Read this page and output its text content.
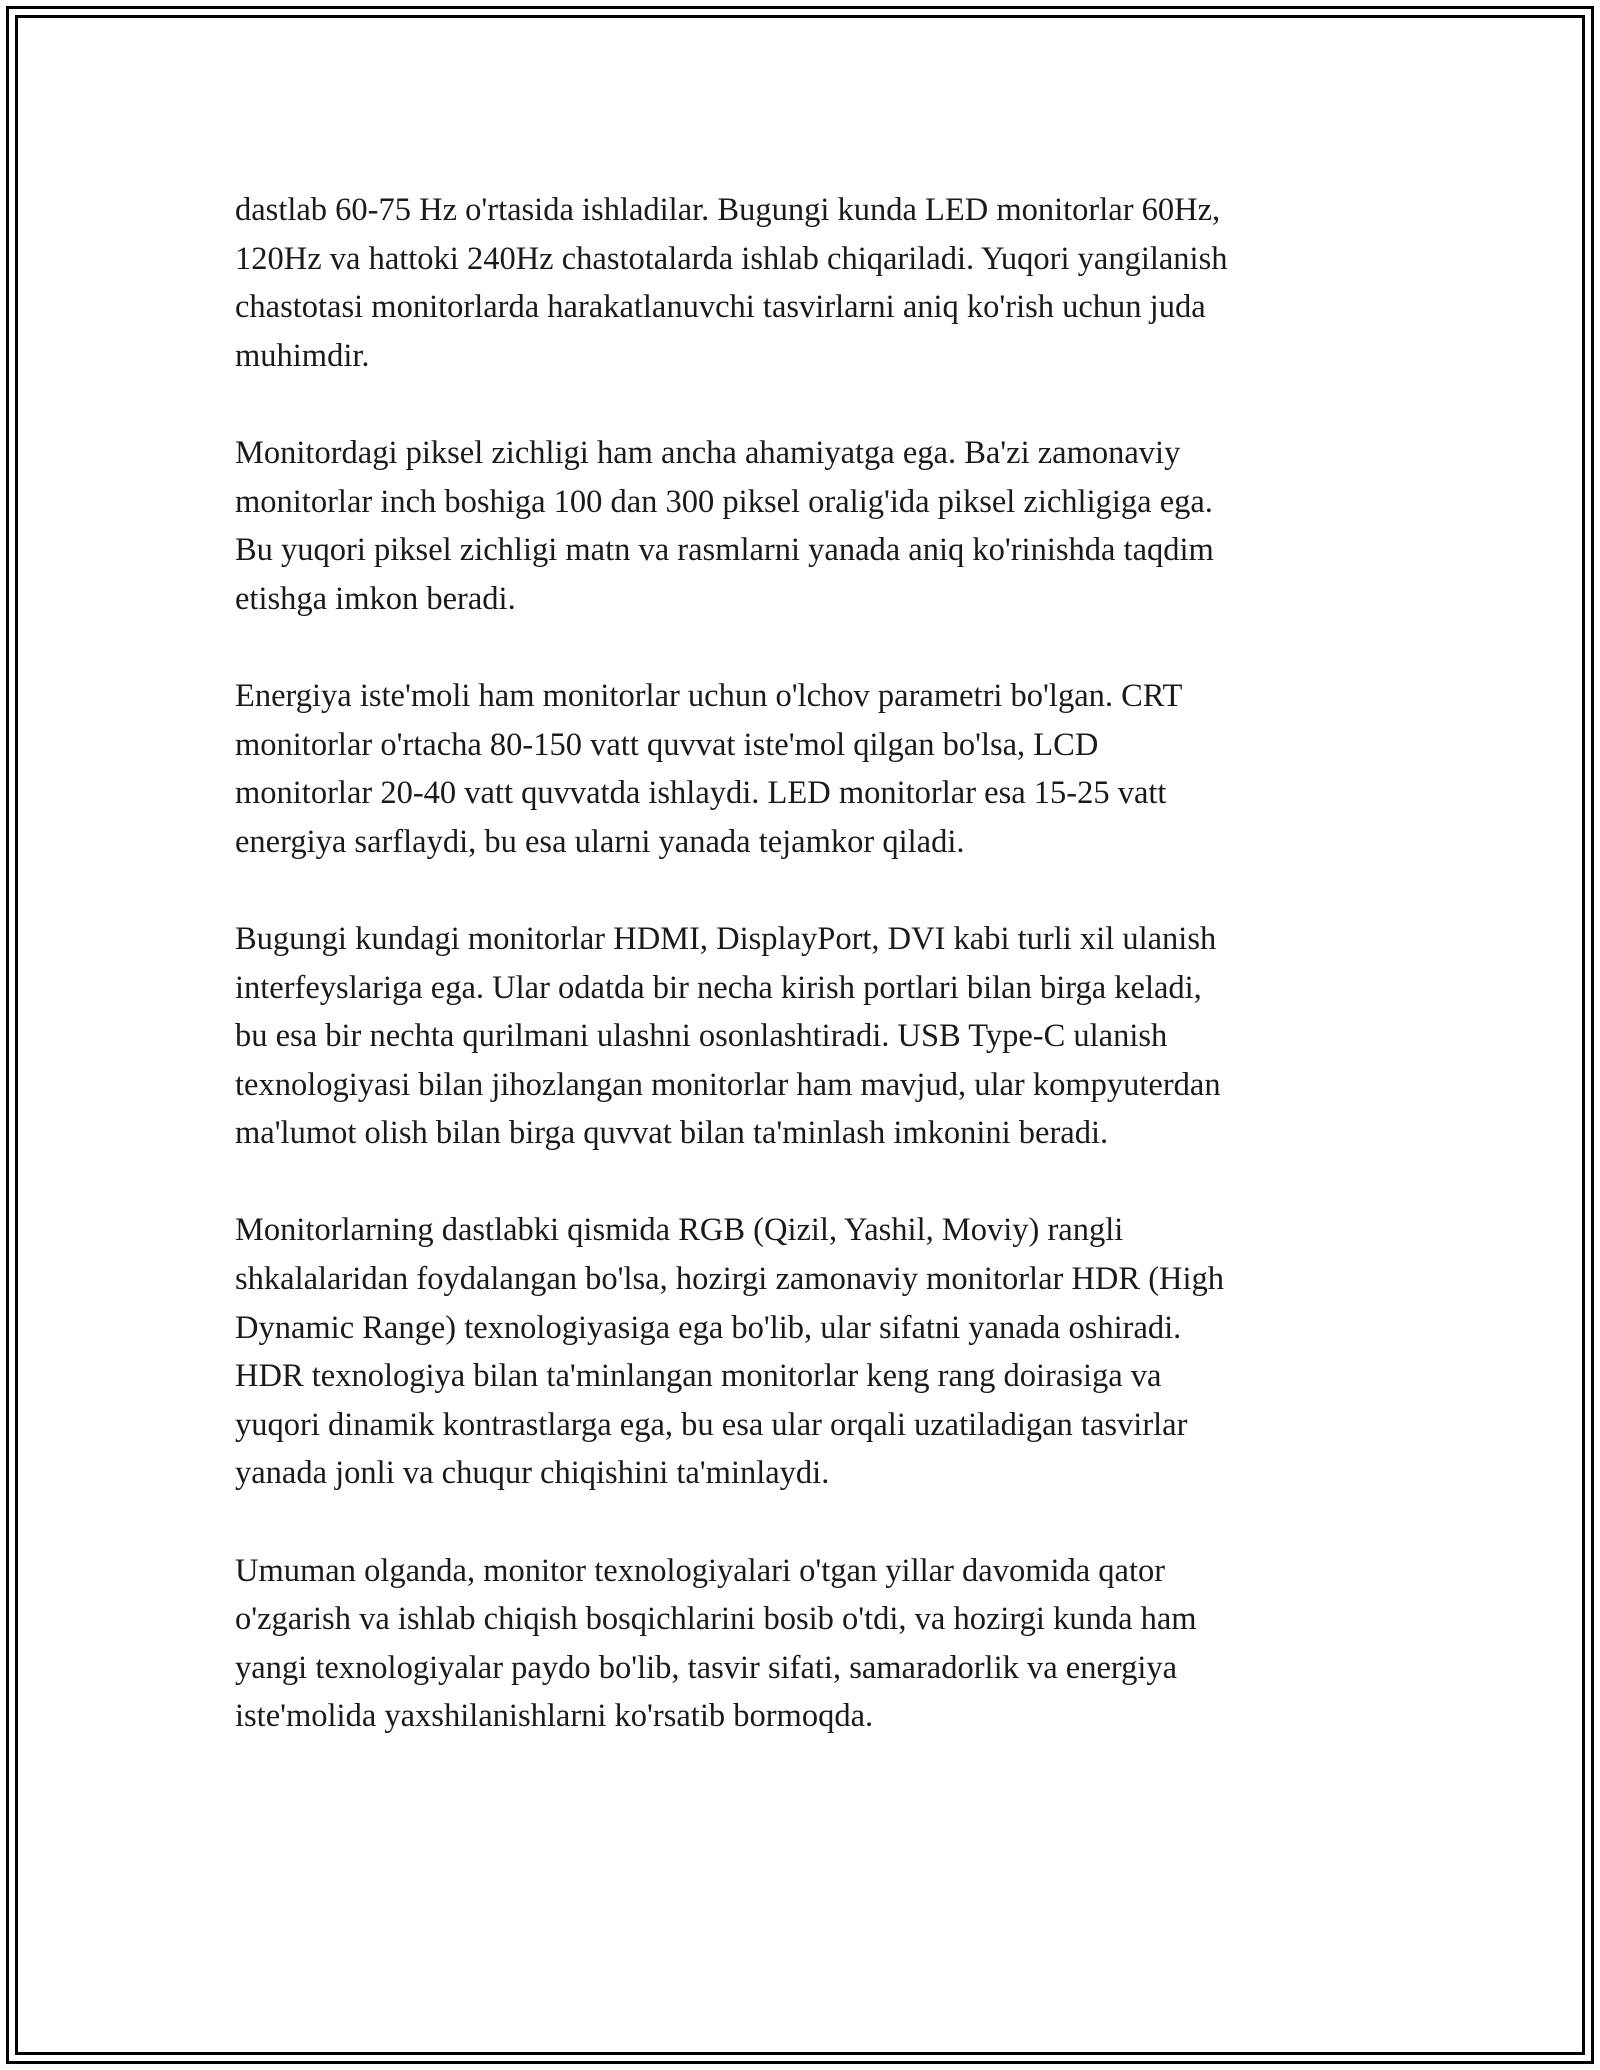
dastlab 60-75 Hz o'rtasida ishladilar. Bugungi kunda LED monitorlar 60Hz,
120Hz va hattoki 240Hz chastotalarda ishlab chiqariladi. Yuqori yangilanish
chastotasi monitorlarda harakatlanuvchi tasvirlarni aniq ko'rish uchun juda
muhimdir.

Monitordagi piksel zichligi ham ancha ahamiyatga ega. Ba'zi zamonaviy
monitorlar inch boshiga 100 dan 300 piksel oralig'ida piksel zichligiga ega.
Bu yuqori piksel zichligi matn va rasmlarni yanada aniq ko'rinishda taqdim
etishga imkon beradi.

Energiya iste'moli ham monitorlar uchun o'lchov parametri bo'lgan. CRT
monitorlar o'rtacha 80-150 vatt quvvat iste'mol qilgan bo'lsa, LCD
monitorlar 20-40 vatt quvvatda ishlaydi. LED monitorlar esa 15-25 vatt
energiya sarflaydi, bu esa ularni yanada tejamkor qiladi.

Bugungi kundagi monitorlar HDMI, DisplayPort, DVI kabi turli xil ulanish
interfeyslariga ega. Ular odatda bir necha kirish portlari bilan birga keladi,
bu esa bir nechta qurilmani ulashni osonlashtiradi. USB Type-C ulanish
texnologiyasi bilan jihozlangan monitorlar ham mavjud, ular kompyuterdan
ma'lumot olish bilan birga quvvat bilan ta'minlash imkonini beradi.

Monitorlarning dastlabki qismida RGB (Qizil, Yashil, Moviy) rangli
shkalalaridan foydalangan bo'lsa, hozirgi zamonaviy monitorlar HDR (High
Dynamic Range) texnologiyasiga ega bo'lib, ular sifatni yanada oshiradi.
HDR texnologiya bilan ta'minlangan monitorlar keng rang doirasiga va
yuqori dinamik kontrastlarga ega, bu esa ular orqali uzatiladigan tasvirlar
yanada jonli va chuqur chiqishini ta'minlaydi.

Umuman olganda, monitor texnologiyalari o'tgan yillar davomida qator
o'zgarish va ishlab chiqish bosqichlarini bosib o'tdi, va hozirgi kunda ham
yangi texnologiyalar paydo bo'lib, tasvir sifati, samaradorlik va energiya
iste'molida yaxshilanishlarni ko'rsatib bormoqda.
